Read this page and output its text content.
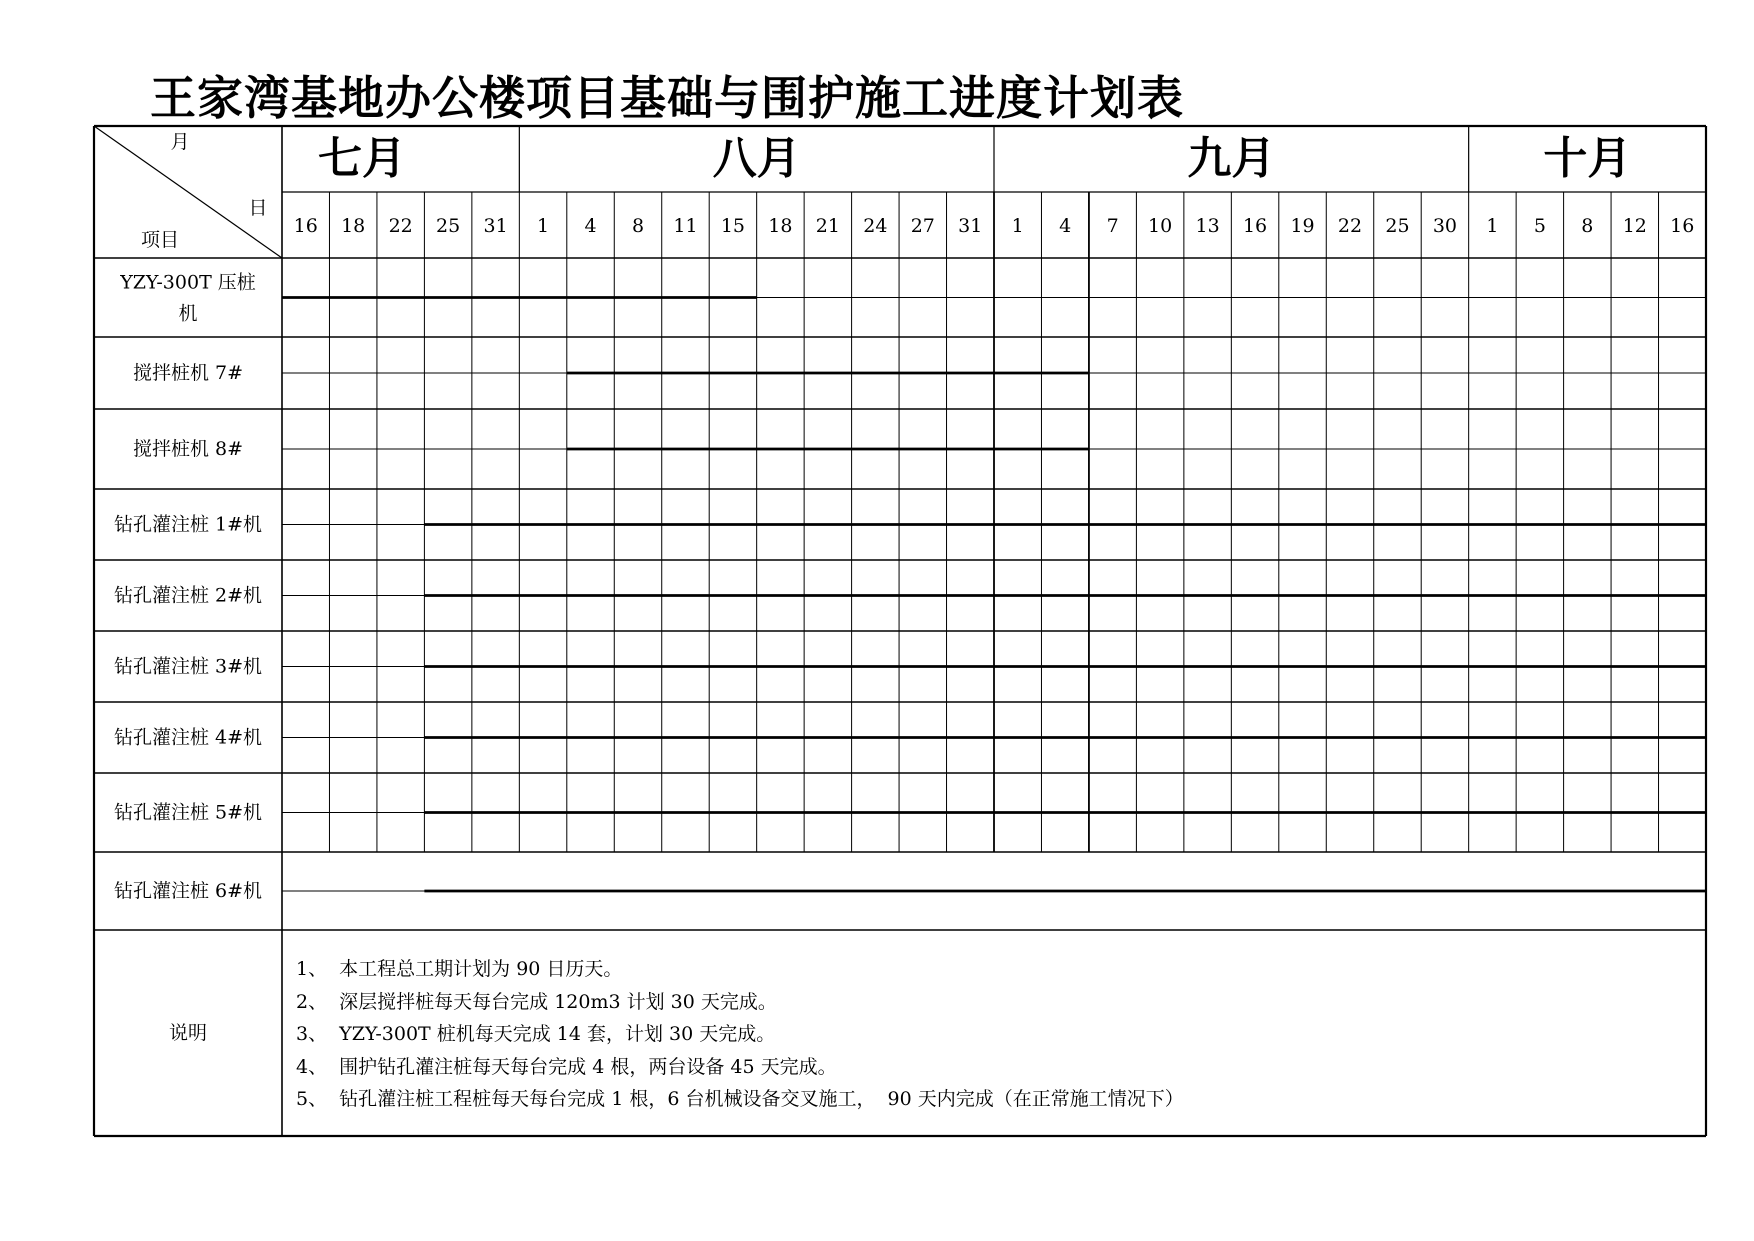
王家湾基地办公楼项目基础与围护施工进度计划表
七月	八月	九月	十月
16 18 22 25 31 1 4 8 11 15 18 21 24 27 31 1 4 7 10 13 16 19 22 25 30 1 5 8 12 16
月
日
项目
YZY-300T 压桩
机
搅拌桩机 7#
搅拌桩机 8#
钻孔灌注桩 1#机
钻孔灌注桩 2#机
钻孔灌注桩 3#机
钻孔灌注桩 4#机
钻孔灌注桩 5#机
钻孔灌注桩 6#机
说明
1、  本工程总工期计划为 90 日历天。
2、  深层搅拌桩每天每台完成 120m3 计划 30 天完成。
3、  YZY-300T 桩机每天完成 14 套，计划 30 天完成。
4、  围护钻孔灌注桩每天每台完成 4 根，两台设备 45 天完成。
5、  钻孔灌注桩工程桩每天每台完成 1 根，6 台机械设备交叉施工，  90 天内完成（在正常施工情况下）
